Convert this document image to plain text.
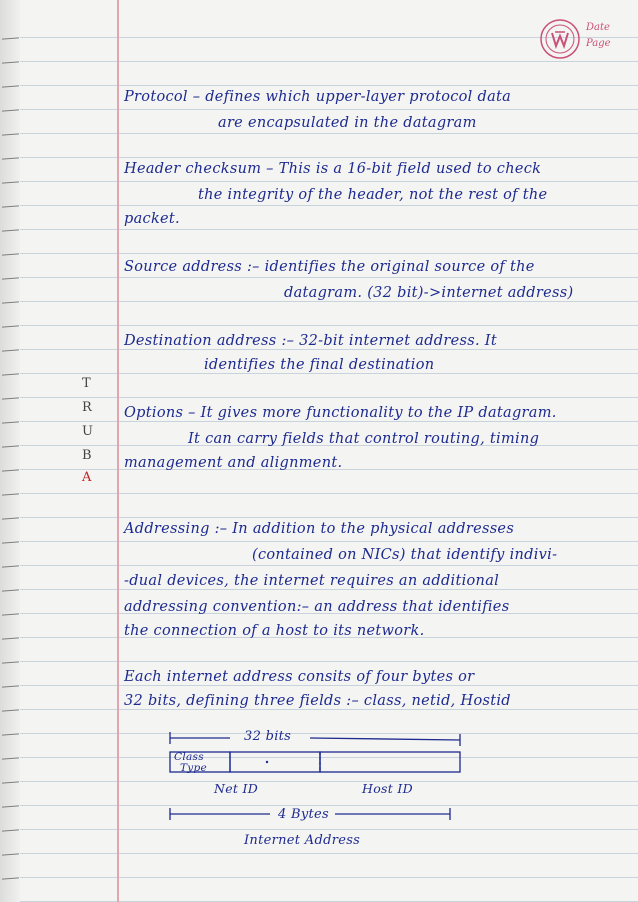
Date
Page
T
R
U
B
A
Protocol – defines which upper-layer protocol data
are encapsulated in the datagram
Header checksum – This is a 16-bit field used to check
the integrity of the header, not the rest of the
packet.
Source address :– identifies the original source of the
datagram. (32 bit)->internet address)
Destination address :– 32-bit internet address. It
identifies the final destination
Options – It gives more functionality to the IP datagram.
It can carry fields that control routing, timing
management and alignment.
Addressing :– In addition to the physical addresses
(contained on NICs) that identify indivi-
-dual devices, the internet requires an additional
addressing convention:– an address that identifies
the connection of a host to its network.
Each internet address consits of four bytes or
32 bits, defining three fields :– class, netid, Hostid
32 bits
Class
Type
Net ID	Host ID
4 Bytes
Internet Address
